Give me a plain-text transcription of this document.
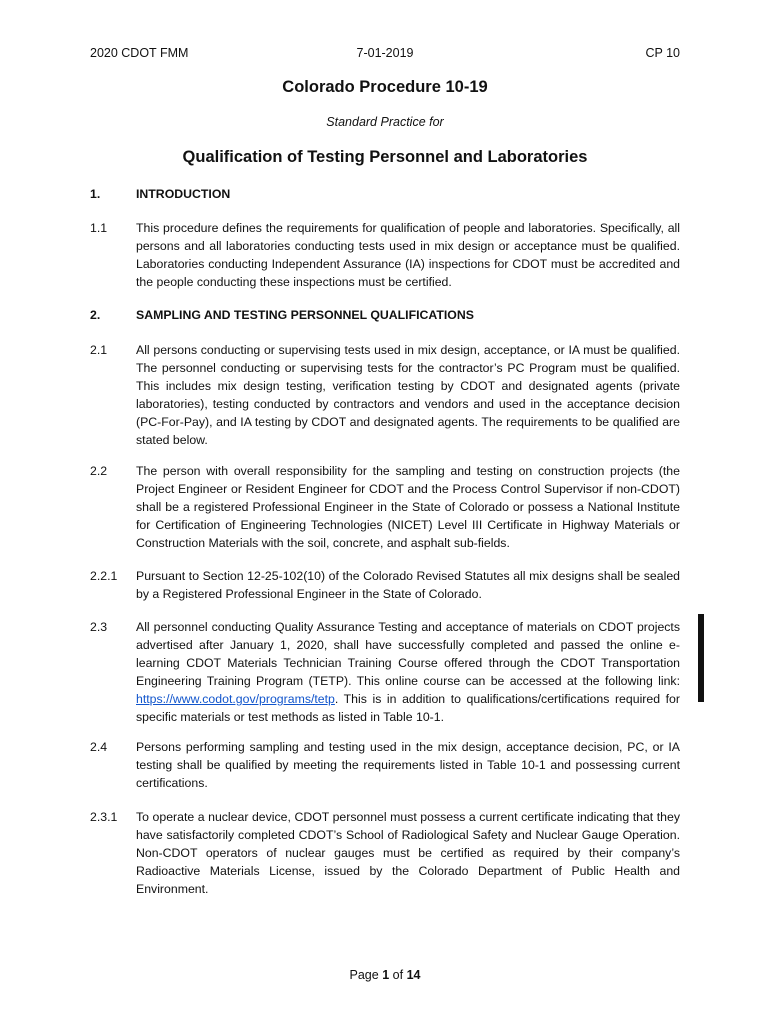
2020 CDOT FMM	7-01-2019	CP 10
Colorado Procedure 10-19
Standard Practice for
Qualification of Testing Personnel and Laboratories
1.	INTRODUCTION
1.1	This procedure defines the requirements for qualification of people and laboratories. Specifically, all persons and all laboratories conducting tests used in mix design or acceptance must be qualified. Laboratories conducting Independent Assurance (IA) inspections for CDOT must be accredited and the people conducting these inspections must be certified.
2.	SAMPLING AND TESTING PERSONNEL QUALIFICATIONS
2.1	All persons conducting or supervising tests used in mix design, acceptance, or IA must be qualified. The personnel conducting or supervising tests for the contractor’s PC Program must be qualified. This includes mix design testing, verification testing by CDOT and designated agents (private laboratories), testing conducted by contractors and vendors and used in the acceptance decision (PC-For-Pay), and IA testing by CDOT and designated agents. The requirements to be qualified are stated below.
2.2	The person with overall responsibility for the sampling and testing on construction projects (the Project Engineer or Resident Engineer for CDOT and the Process Control Supervisor if non-CDOT) shall be a registered Professional Engineer in the State of Colorado or possess a National Institute for Certification of Engineering Technologies (NICET) Level III Certificate in Highway Materials or Construction Materials with the soil, concrete, and asphalt sub-fields.
2.2.1	Pursuant to Section 12-25-102(10) of the Colorado Revised Statutes all mix designs shall be sealed by a Registered Professional Engineer in the State of Colorado.
2.3	All personnel conducting Quality Assurance Testing and acceptance of materials on CDOT projects advertised after January 1, 2020, shall have successfully completed and passed the online e-learning CDOT Materials Technician Training Course offered through the CDOT Transportation Engineering Training Program (TETP). This online course can be accessed at the following link: https://www.codot.gov/programs/tetp. This is in addition to qualifications/certifications required for specific materials or test methods as listed in Table 10-1.
2.4	Persons performing sampling and testing used in the mix design, acceptance decision, PC, or IA testing shall be qualified by meeting the requirements listed in Table 10-1 and possessing current certifications.
2.3.1	To operate a nuclear device, CDOT personnel must possess a current certificate indicating that they have satisfactorily completed CDOT’s School of Radiological Safety and Nuclear Gauge Operation. Non-CDOT operators of nuclear gauges must be certified as required by their company’s Radioactive Materials License, issued by the Colorado Department of Public Health and Environment.
Page 1 of 14
